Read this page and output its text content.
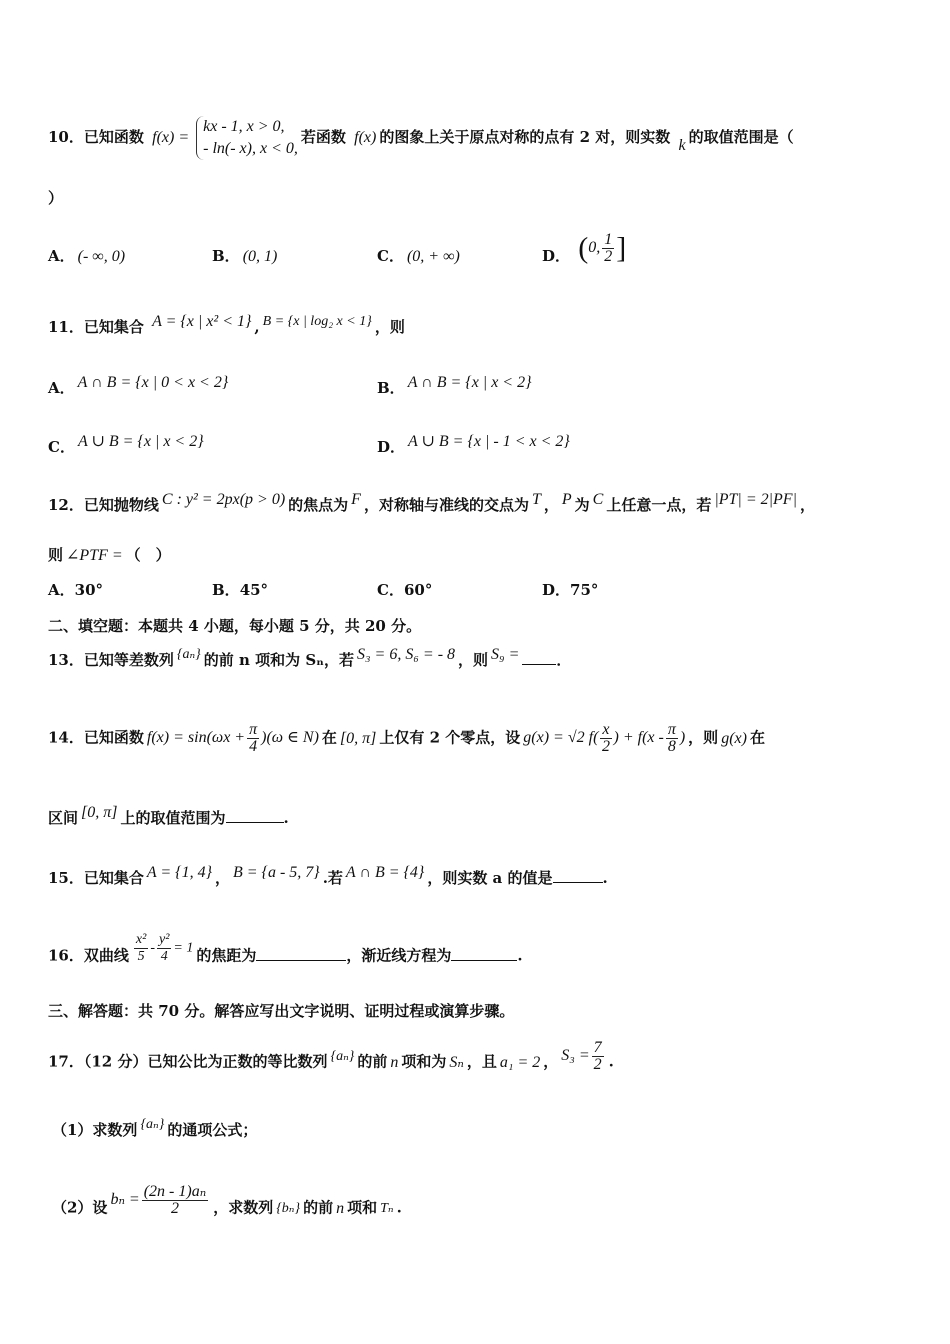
10．已知函数 f(x) =
kx - 1, x > 0,
- ln(- x), x < 0,
若函数 f(x) 的图象上关于原点对称的点有 2 对，则实数 k 的取值范围是（
）
A． (- ∞, 0)	B． (0, 1)	C． (0, + ∞)	D． (0, $\frac{1}{2}$ ]
11．已知集合 A = {x | x² < 1} , B = {x | log₂ x < 1} ，则
A． A ∩ B = {x | 0 < x < 2}	B． A ∩ B = {x | x < 2}
C． A ∪ B = {x | x < 2}	D． A ∪ B = {x | - 1 < x < 2}
12．已知抛物线 C : y² = 2px(p > 0) 的焦点为 F ，对称轴与准线的交点为 T ， P 为 C 上任意一点，若 |PT| = 2|PF| ，
则 ∠PTF = （　）
A．30°	B．45°	C．60°	D．75°
二、填空题：本题共 4 小题，每小题 5 分，共 20 分。
13．已知等差数列 {aₙ} 的前 n 项和为 Sₙ，若 S₃ = 6, S₆ = - 8 ，则 S₉ = ．
14．已知函数 $f(x) = \sin(\omega x + \frac{\pi}{4} )(\omega$ ∈ N) 在 [0, π] 上仅有 2 个零点，设 g(x) = √2 $f( \frac{x}{2}$ ) + $f(x - \frac{\pi}{8}$ ) ，则 g(x) 在
区间 [0, π] 上的取值范围为	.
15．已知集合 A = {1, 4} ， B = {a - 5, 7} .若 A ∩ B = {4} ，则实数 a 的值是	.
16．双曲线 $\frac{\text{x²}}{5} - \frac{\text{y²}}{4} = 1$ 的焦距为	，渐近线方程为	.
三、解答题：共 70 分。解答应写出文字说明、证明过程或演算步骤。
17．（12 分）已知公比为正数的等比数列 {aₙ} 的前 n 项和为 Sₙ ，且 a₁ = 2 ， $S_3 = \frac{7}{2}$ .
（1）求数列 {aₙ} 的通项公式；
（2）设 $b_n = \frac{\text{(2n - 1)aₙ}}{2}$ ，求数列 {bₙ} 的前 n 项和 Tₙ .
